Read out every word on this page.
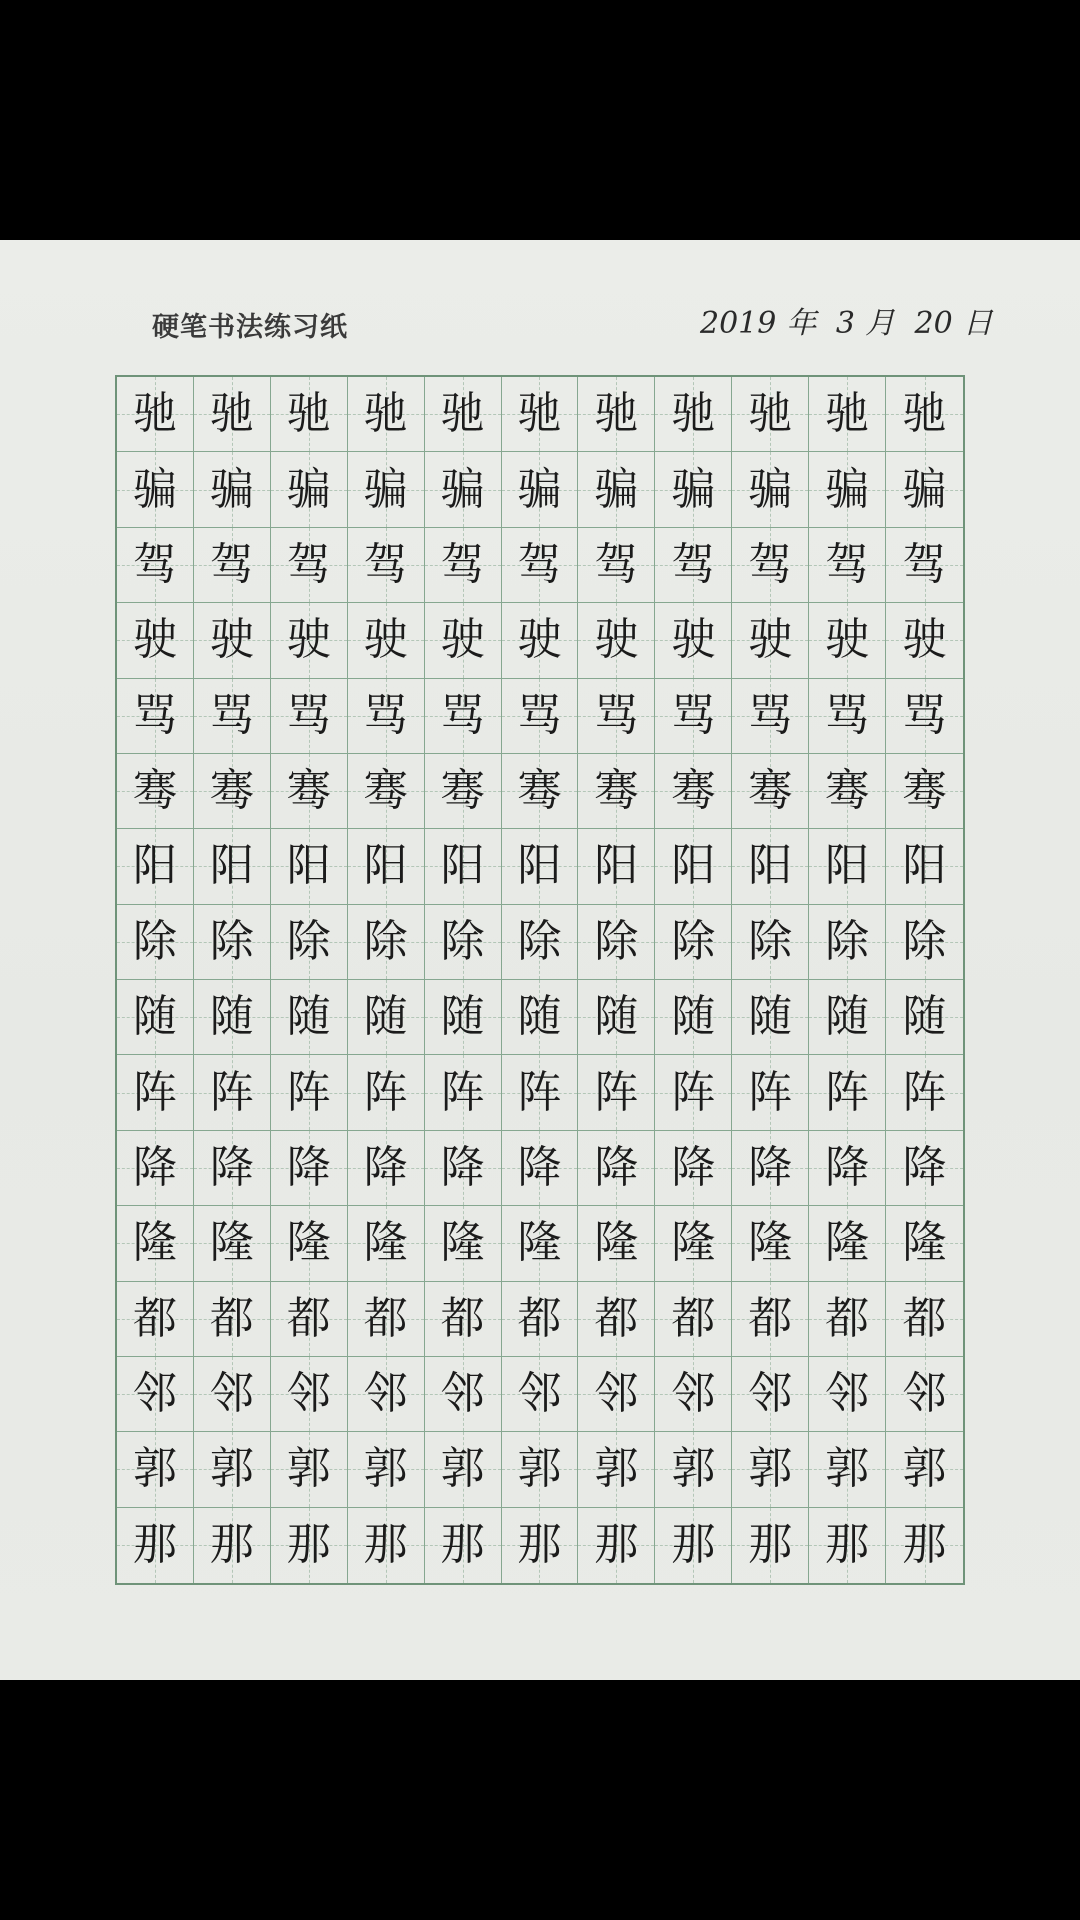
硬笔书法练习纸	2019 年 3 月 20 日
驰 驰 驰 驰 驰 驰 驰 驰 驰 驰 驰
骗 骗 骗 骗 骗 骗 骗 骗 骗 骗 骗
驾 驾 驾 驾 驾 驾 驾 驾 驾 驾 驾
驶 驶 驶 驶 驶 驶 驶 驶 驶 驶 驶
骂 骂 骂 骂 骂 骂 骂 骂 骂 骂 骂
骞 骞 骞 骞 骞 骞 骞 骞 骞 骞 骞
阳 阳 阳 阳 阳 阳 阳 阳 阳 阳 阳
除 除 除 除 除 除 除 除 除 除 除
随 随 随 随 随 随 随 随 随 随 随
阵 阵 阵 阵 阵 阵 阵 阵 阵 阵 阵
降 降 降 降 降 降 降 降 降 降 降
隆 隆 隆 隆 隆 隆 隆 隆 隆 隆 隆
都 都 都 都 都 都 都 都 都 都 都
邻 邻 邻 邻 邻 邻 邻 邻 邻 邻 邻
郭 郭 郭 郭 郭 郭 郭 郭 郭 郭 郭
那 那 那 那 那 那 那 那 那 那 那
